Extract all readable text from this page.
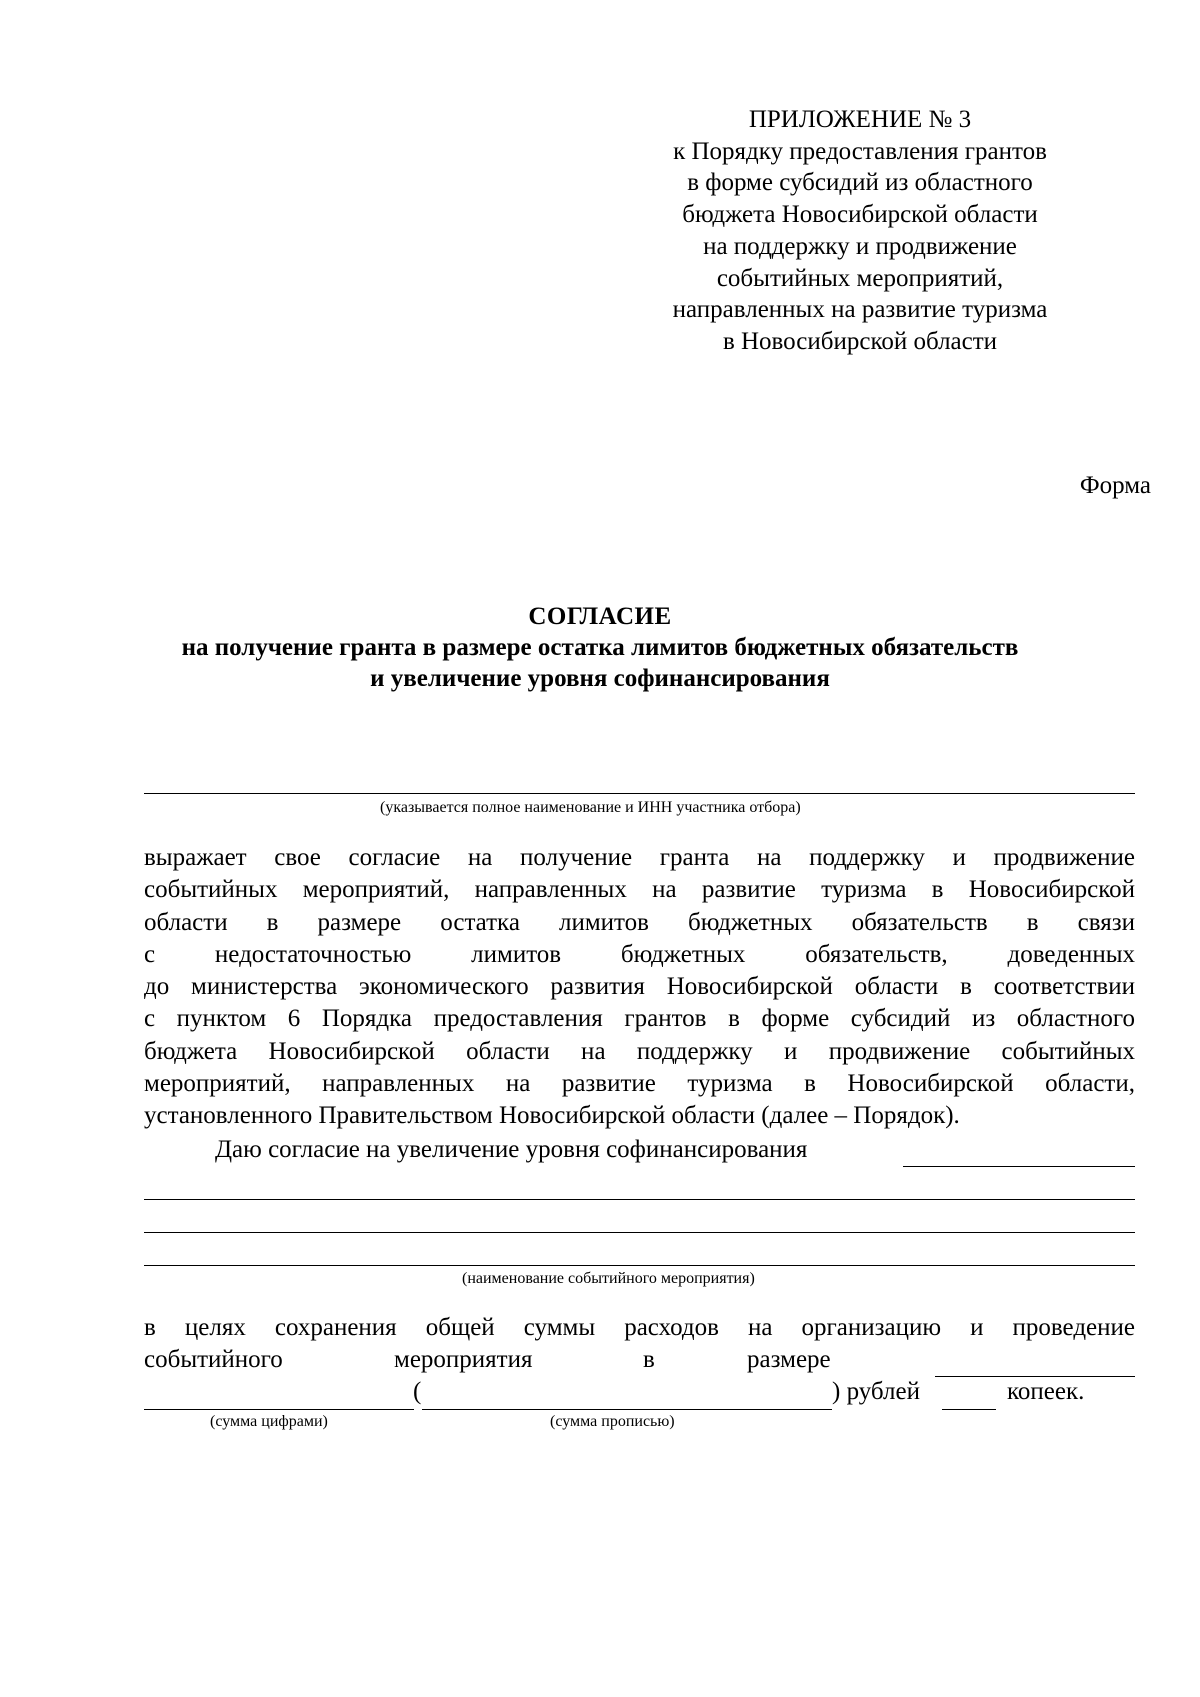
ПРИЛОЖЕНИЕ № 3
к Порядку предоставления грантов
в форме субсидий из областного
бюджета Новосибирской области
на поддержку и продвижение
событийных мероприятий,
направленных на развитие туризма
в Новосибирской области
Форма
СОГЛАСИЕ
на получение гранта в размере остатка лимитов бюджетных обязательств
и увеличение уровня софинансирования
(указывается полное наименование и ИНН участника отбора)
выражает свое согласие на получение гранта на поддержку и продвижение
событийных мероприятий, направленных на развитие туризма в Новосибирской
области в размере остатка лимитов бюджетных обязательств в связи
с недостаточностью лимитов бюджетных обязательств, доведенных
до министерства экономического развития Новосибирской области в соответствии
с пунктом 6 Порядка предоставления грантов в форме субсидий из областного
бюджета Новосибирской области на поддержку и продвижение событийных
мероприятий, направленных на развитие туризма в Новосибирской области,
установленного Правительством Новосибирской области (далее – Порядок).
Даю согласие на увеличение уровня софинансирования
(наименование событийного мероприятия)
в целях сохранения общей суммы расходов на организацию и проведение
событийного	мероприятия	в	размере
(	) рублей	копеек.
(сумма цифрами)	(сумма прописью)
